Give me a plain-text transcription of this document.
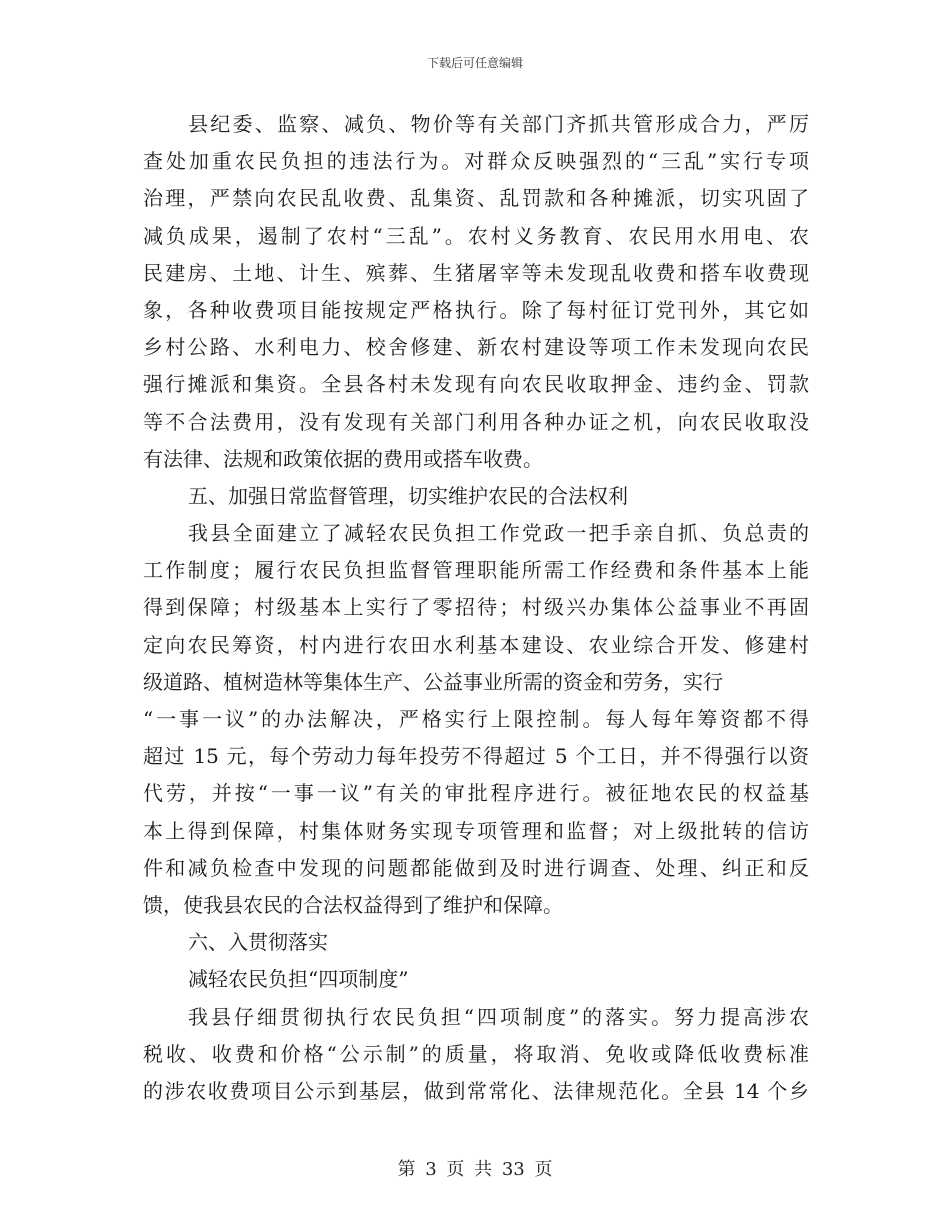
下载后可任意编辑
县纪委、监察、减负、物价等有关部门齐抓共管形成合力，严厉
查处加重农民负担的违法行为。对群众反映强烈的“三乱”实行专项
治理，严禁向农民乱收费、乱集资、乱罚款和各种摊派，切实巩固了
减负成果，遏制了农村“三乱”。农村义务教育、农民用水用电、农
民建房、土地、计生、殡葬、生猪屠宰等未发现乱收费和搭车收费现
象，各种收费项目能按规定严格执行。除了每村征订党刊外，其它如
乡村公路、水利电力、校舍修建、新农村建设等项工作未发现向农民
强行摊派和集资。全县各村未发现有向农民收取押金、违约金、罚款
等不合法费用，没有发现有关部门利用各种办证之机，向农民收取没
有法律、法规和政策依据的费用或搭车收费。
五、加强日常监督管理，切实维护农民的合法权利
我县全面建立了减轻农民负担工作党政一把手亲自抓、负总责的
工作制度；履行农民负担监督管理职能所需工作经费和条件基本上能
得到保障；村级基本上实行了零招待；村级兴办集体公益事业不再固
定向农民筹资，村内进行农田水利基本建设、农业综合开发、修建村
级道路、植树造林等集体生产、公益事业所需的资金和劳务，实行
“一事一议”的办法解决，严格实行上限控制。每人每年筹资都不得
超过 15 元，每个劳动力每年投劳不得超过 5 个工日，并不得强行以资
代劳，并按“一事一议”有关的审批程序进行。被征地农民的权益基
本上得到保障，村集体财务实现专项管理和监督；对上级批转的信访
件和减负检查中发现的问题都能做到及时进行调查、处理、纠正和反
馈，使我县农民的合法权益得到了维护和保障。
六、入贯彻落实
减轻农民负担“四项制度”
我县仔细贯彻执行农民负担“四项制度”的落实。努力提高涉农
税收、收费和价格“公示制”的质量，将取消、免收或降低收费标准
的涉农收费项目公示到基层，做到常常化、法律规范化。全县 14 个乡
第 3 页 共 33 页
